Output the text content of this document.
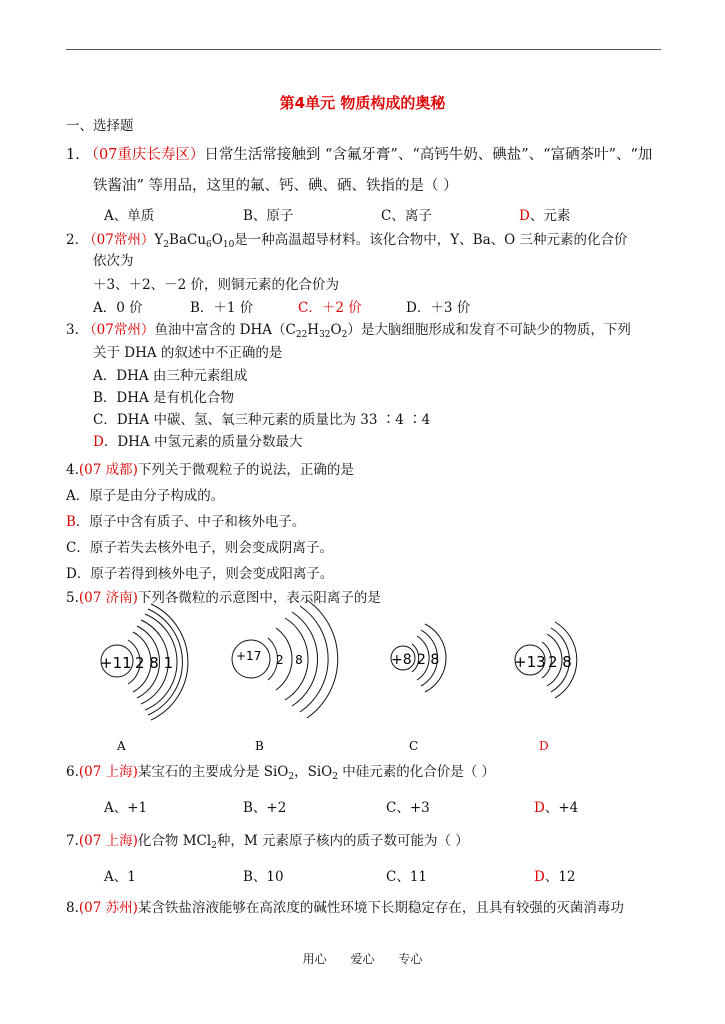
第4单元 物质构成的奥秘
一、选择题
1. （07重庆长寿区）日常生活常接触到 “含氟牙膏”、“高钙牛奶、碘盐”、“富硒茶叶”、“加
铁酱油” 等用品，这里的氟、钙、碘、硒、铁指的是（ ）
A、单质	B、原子	C、离子	D、元素
2. （07常州）$Y_2BaCu_6O_{10}$是一种高温超导材料。该化合物中，Y、Ba、O 三种元素的化合价
依次为
＋3、＋2、－2 价，则铜元素的化合价为
A．0 价	B．＋1 价	C．＋2 价	D．＋3 价
3. （07常州）鱼油中富含的 $DHA(C_{22}H_{32}O_2)$是大脑细胞形成和发育不可缺少的物质，下列
关于 DHA 的叙述中不正确的是
A．DHA 由三种元素组成
B．DHA 是有机化合物
C．DHA 中碳、氢、氧三种元素的质量比为 33 ∶4 ∶4
D．DHA 中氢元素的质量分数最大
4.(07 成都)下列关于微观粒子的说法，正确的是
A．原子是由分子构成的。
B．原子中含有质子、中子和核外电子。
C．原子若失去核外电子，则会变成阴离子。
D．原子若得到核外电子，则会变成阳离子。
5.(07 济南)下列各微粒的示意图中，表示阳离子的是
+11 2 8 1
A
+17 2   8
B
+8 2 8
C
+13 2 8
D
6.(07 上海)某宝石的主要成分是 SiO$_2$，SiO$_2$ 中硅元素的化合价是（ ）
A、+1	B、+2	C、+3	D、+4
7.(07 上海)化合物 MCl$_2$种，M 元素原子核内的质子数可能为（ ）
A、1	B、10	C、11	D、12
8.(07 苏州)某含铁盐溶液能够在高浓度的碱性环境下长期稳定存在，且具有较强的灭菌消毒功
用心 爱心 专心
